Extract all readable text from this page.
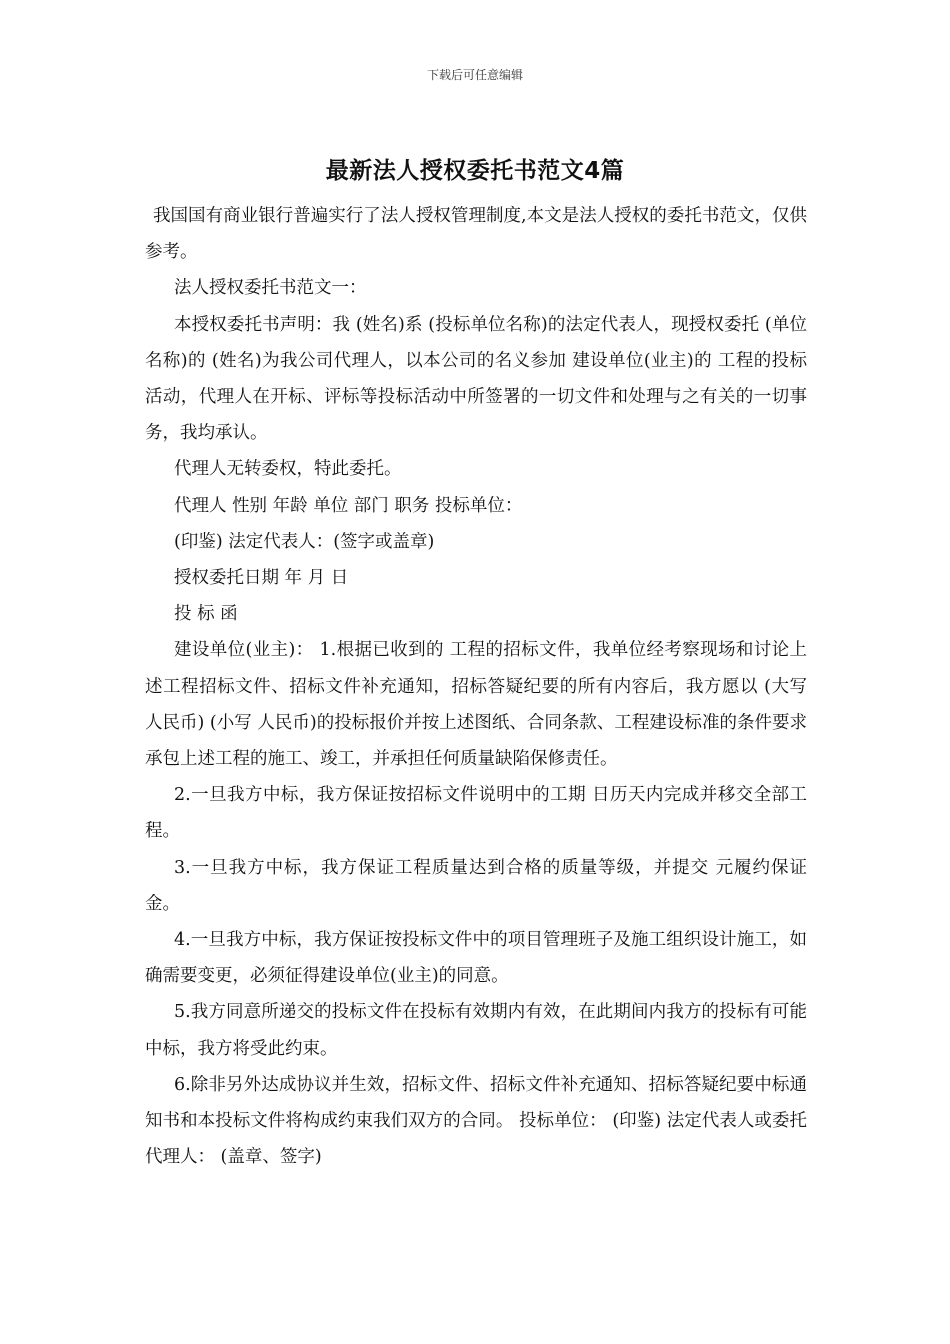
下载后可任意编辑
最新法人授权委托书范文4篇

我国国有商业银行普遍实行了法人授权管理制度,本文是法人授权的委托书范文，仅供参考。

法人授权委托书范文一：

本授权委托书声明：我 (姓名)系 (投标单位名称)的法定代表人，现授权委托 (单位名称)的 (姓名)为我公司代理人，以本公司的名义参加 建设单位(业主)的 工程的投标活动，代理人在开标、评标等投标活动中所签署的一切文件和处理与之有关的一切事务，我均承认。

代理人无转委权，特此委托。

代理人 性别 年龄 单位 部门 职务 投标单位：

(印鉴) 法定代表人：(签字或盖章)

授权委托日期 年 月 日

投 标 函

建设单位(业主)： 1.根据已收到的 工程的招标文件，我单位经考察现场和讨论上述工程招标文件、招标文件补充通知，招标答疑纪要的所有内容后，我方愿以 (大写 人民币) (小写 人民币)的投标报价并按上述图纸、合同条款、工程建设标准的条件要求承包上述工程的施工、竣工，并承担任何质量缺陷保修责任。

2.一旦我方中标，我方保证按招标文件说明中的工期 日历天内完成并移交全部工程。

3.一旦我方中标，我方保证工程质量达到合格的质量等级，并提交 元履约保证金。

4.一旦我方中标，我方保证按投标文件中的项目管理班子及施工组织设计施工，如确需要变更，必须征得建设单位(业主)的同意。

5.我方同意所递交的投标文件在投标有效期内有效，在此期间内我方的投标有可能中标，我方将受此约束。

6.除非另外达成协议并生效，招标文件、招标文件补充通知、招标答疑纪要中标通知书和本投标文件将构成约束我们双方的合同。 投标单位： (印鉴) 法定代表人或委托代理人： (盖章、签字)
